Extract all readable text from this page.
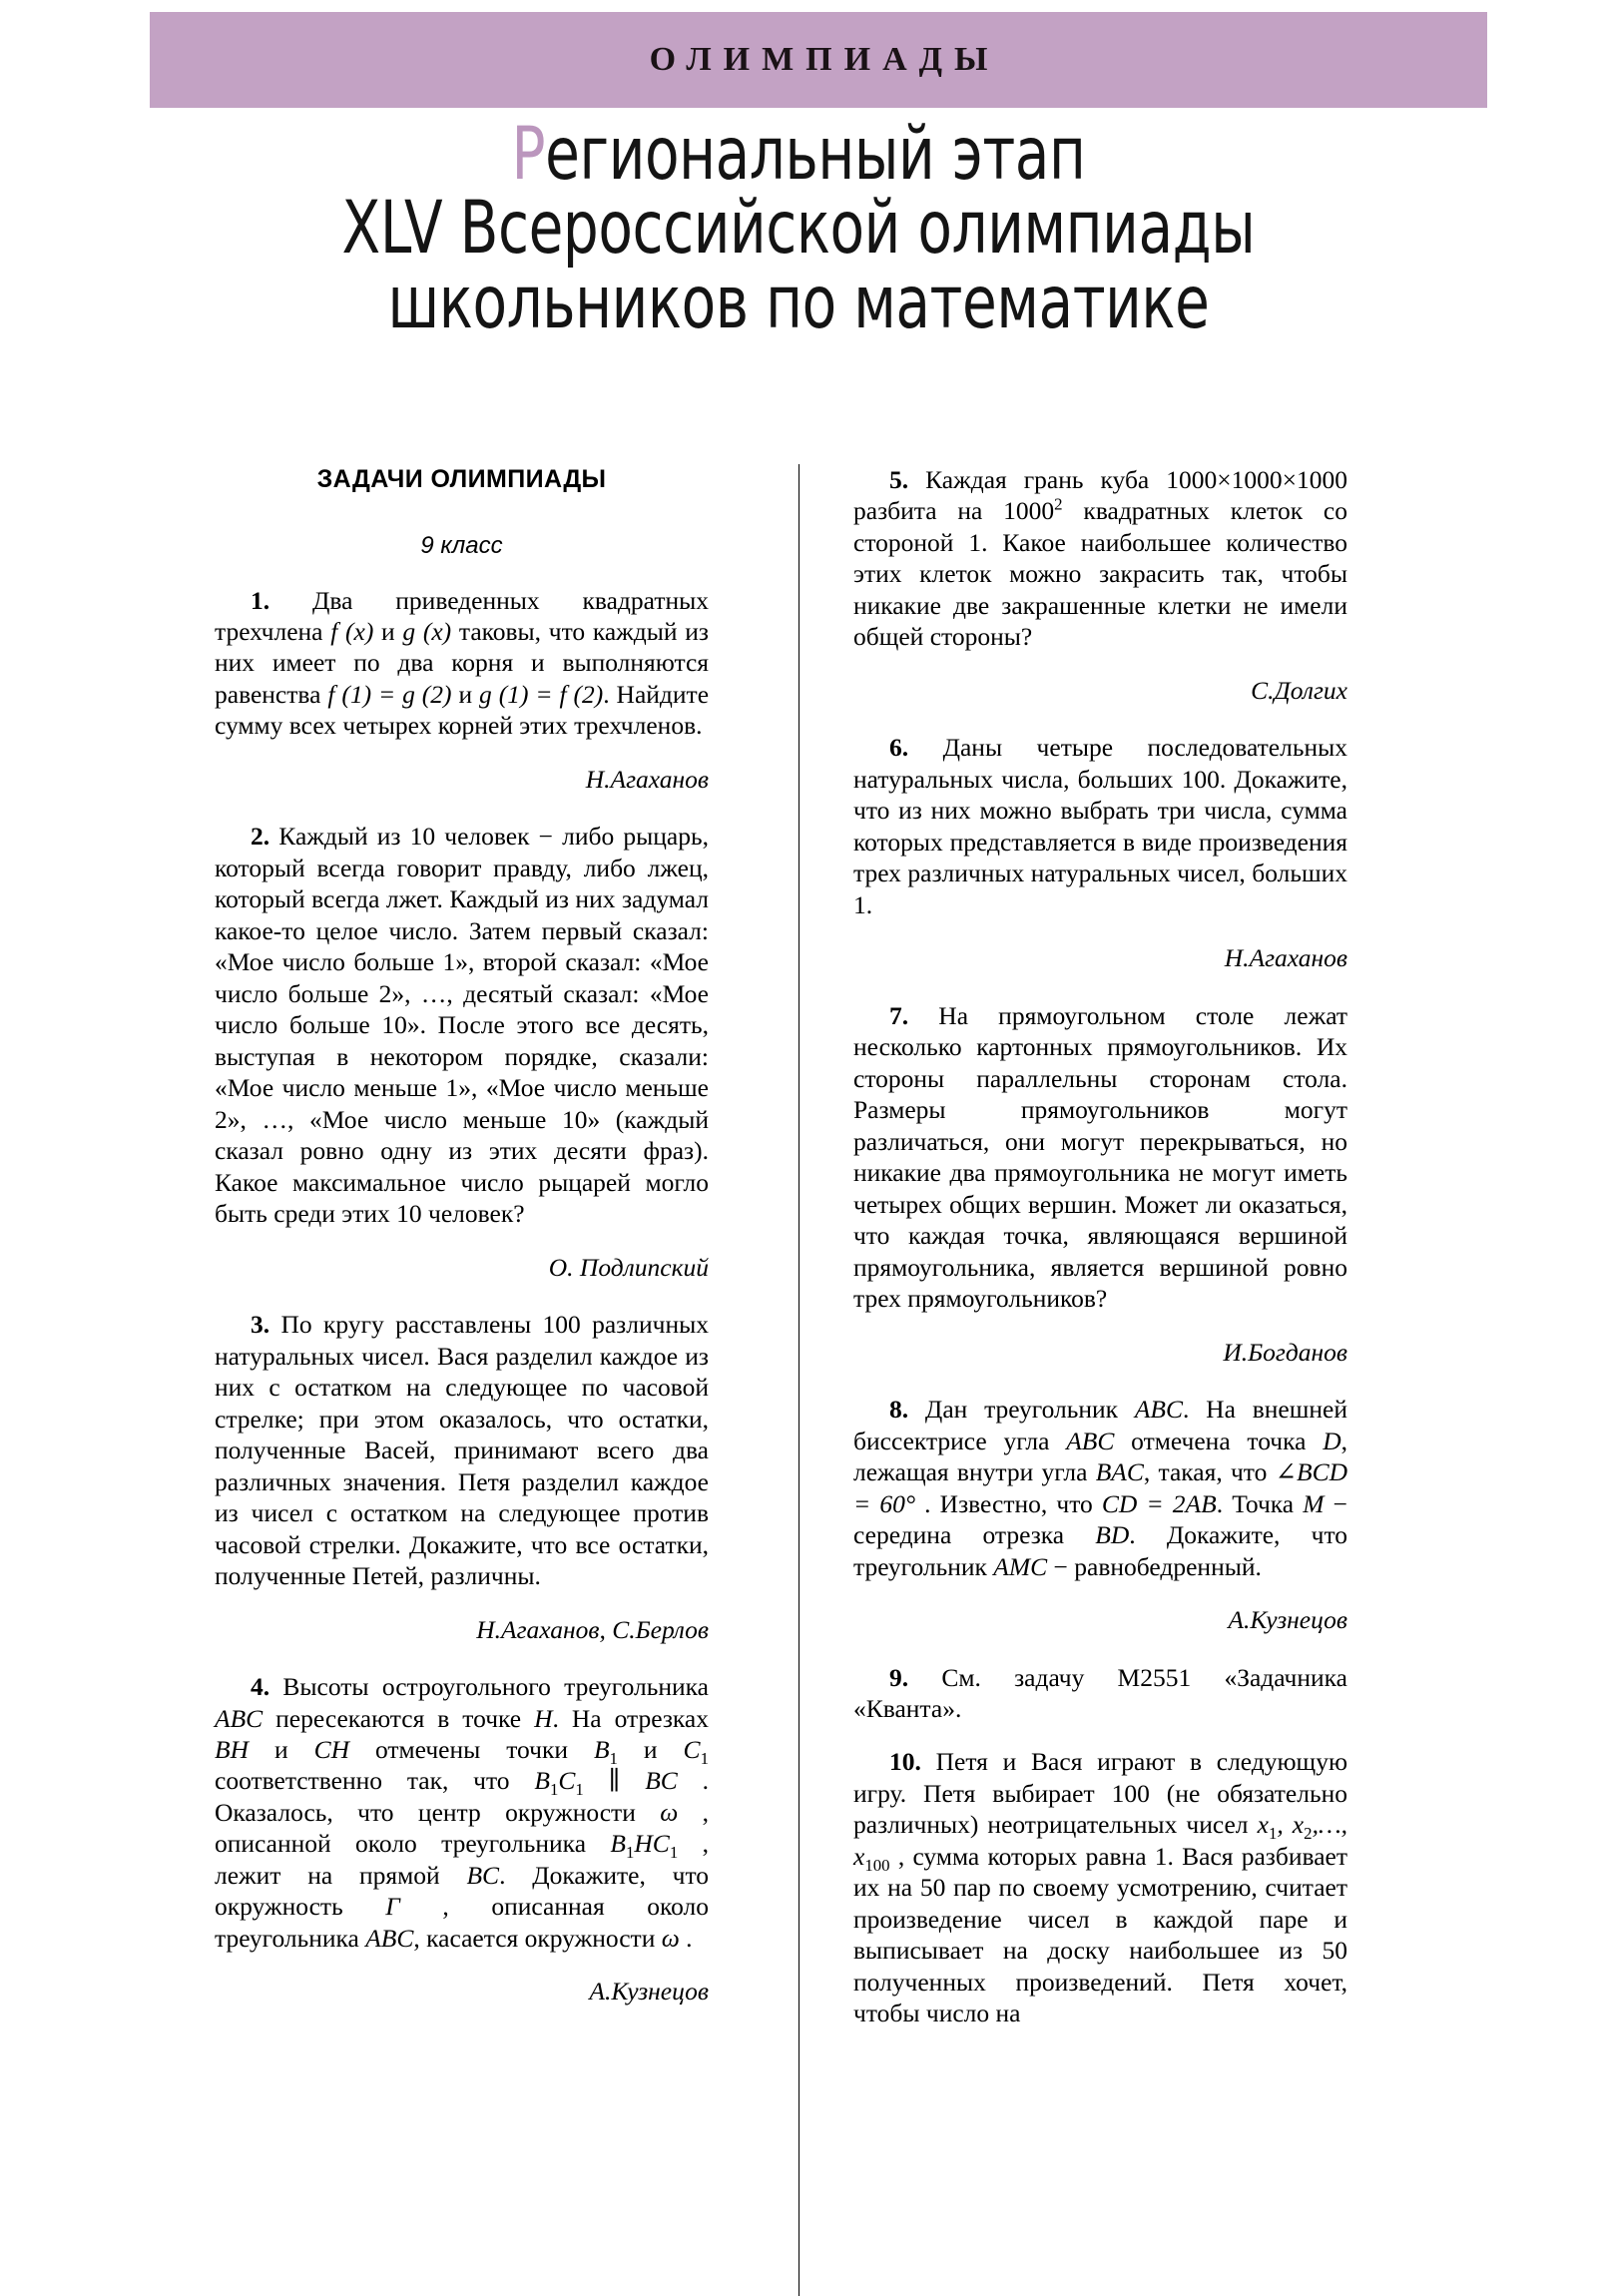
ОЛИМПИАДЫ
Региональный этап
XLV Всероссийской олимпиады
школьников по математике
ЗАДАЧИ ОЛИМПИАДЫ
9 класс

1. Два приведенных квадратных трехчлена f (x) и g (x) таковы, что каждый из них имеет по два корня и выполняются равенства f (1) = g (2) и g (1) = f (2). Найдите сумму всех четырех корней этих трехчленов.

Н.Агаханов

2. Каждый из 10 человек − либо рыцарь, который всегда говорит правду, либо лжец, который всегда лжет. Каждый из них задумал какое-то целое число. Затем первый сказал: «Мое число больше 1», второй сказал: «Мое число больше 2», …, десятый сказал: «Мое число больше 10». После этого все десять, выступая в некотором порядке, сказали: «Мое число меньше 1», «Мое число меньше 2», …, «Мое число меньше 10» (каждый сказал ровно одну из этих десяти фраз). Какое максимальное число рыцарей могло быть среди этих 10 человек?

О. Подлипский

3. По кругу расставлены 100 различных натуральных чисел. Вася разделил каждое из них с остатком на следующее по часовой стрелке; при этом оказалось, что остатки, полученные Васей, принимают всего два различных значения. Петя разделил каждое из чисел с остатком на следующее против часовой стрелки. Докажите, что все остатки, полученные Петей, различны.

Н.Агаханов, С.Берлов

4. Высоты остроугольного треугольника ABC пересекаются в точке H. На отрезках BH и CH отмечены точки $B_1$ и $C_1$ соответственно так, что $B_1C_1$ ∥ BC . Оказалось, что центр окружности ω , описанной около треугольника $B_1HC_1$ , лежит на прямой BC. Докажите, что окружность Γ , описанная около треугольника ABC, касается окружности ω .

А.Кузнецов

5. Каждая грань куба 1000×1000×1000 разбита на 1000$^2$ квадратных клеток со стороной 1. Какое наибольшее количество этих клеток можно закрасить так, чтобы никакие две закрашенные клетки не имели общей стороны?

С.Долгих

6. Даны четыре последовательных натуральных числа, больших 100. Докажите, что из них можно выбрать три числа, сумма которых представляется в виде произведения трех различных натуральных чисел, больших 1.

Н.Агаханов

7. На прямоугольном столе лежат несколько картонных прямоугольников. Их стороны параллельны сторонам стола. Размеры прямоугольников могут различаться, они могут перекрываться, но никакие два прямоугольника не могут иметь четырех общих вершин. Может ли оказаться, что каждая точка, являющаяся вершиной прямоугольника, является вершиной ровно трех прямоугольников?

И.Богданов

8. Дан треугольник ABC. На внешней биссектрисе угла ABC отмечена точка D, лежащая внутри угла BAC, такая, что ∠BCD = 60° . Известно, что CD = 2AB. Точка M − середина отрезка BD. Докажите, что треугольник AMC − равнобедренный.

А.Кузнецов

9. См. задачу М2551 «Задачника «Кванта».

10. Петя и Вася играют в следующую игру. Петя выбирает 100 (не обязательно различных) неотрицательных чисел $x_1$, $x_2,\dots$, $x_{100}$ , сумма которых равна 1. Вася разбивает их на 50 пар по своему усмотрению, считает произведение чисел в каждой паре и выписывает на доску наибольшее из 50 полученных произведений. Петя хочет, чтобы число на
